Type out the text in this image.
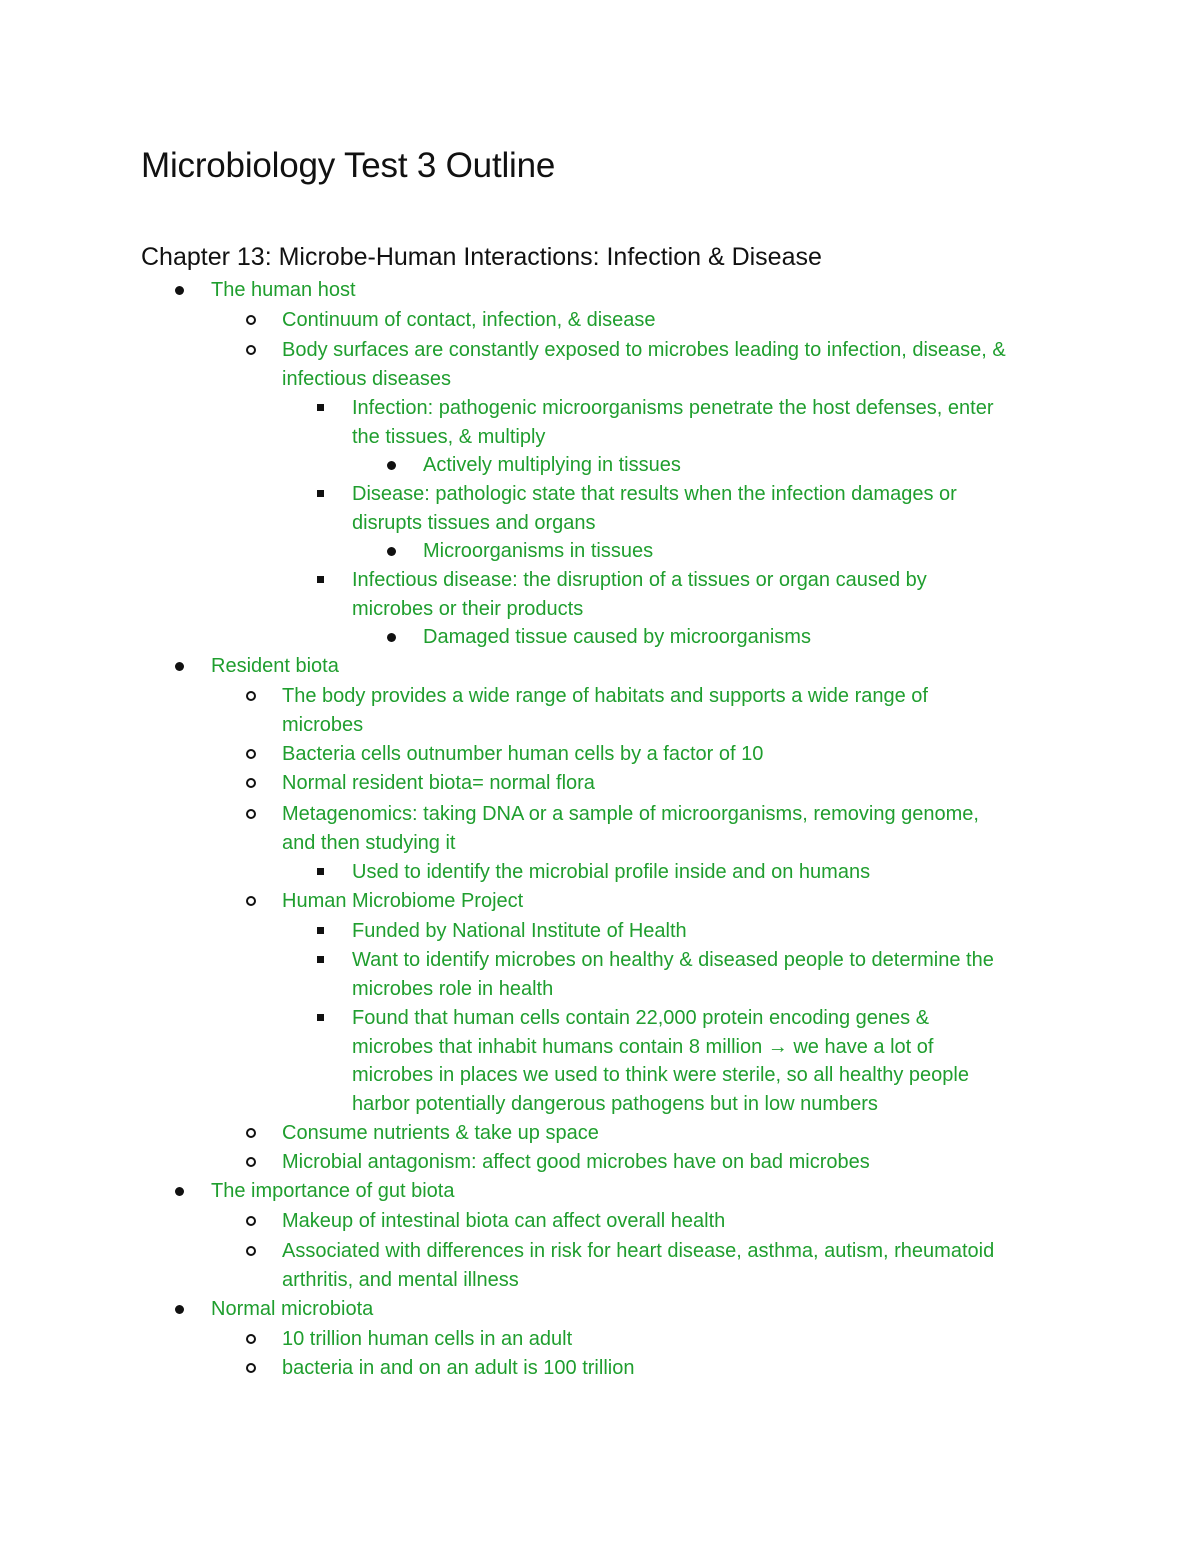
Microbiology Test 3 Outline
Chapter 13: Microbe-Human Interactions: Infection & Disease
The human host
Continuum of contact, infection, & disease
Body surfaces are constantly exposed to microbes leading to infection, disease, &
infectious diseases
Infection: pathogenic microorganisms penetrate the host defenses, enter
the tissues, & multiply
Actively multiplying in tissues
Disease: pathologic state that results when the infection damages or
disrupts tissues and organs
Microorganisms in tissues
Infectious disease: the disruption of a tissues or organ caused by
microbes or their products
Damaged tissue caused by microorganisms
Resident biota
The body provides a wide range of habitats and supports a wide range of
microbes
Bacteria cells outnumber human cells by a factor of 10
Normal resident biota= normal flora
Metagenomics: taking DNA or a sample of microorganisms, removing genome,
and then studying it
Used to identify the microbial profile inside and on humans
Human Microbiome Project
Funded by National Institute of Health
Want to identify microbes on healthy & diseased people to determine the
microbes role in health
Found that human cells contain 22,000 protein encoding genes &
microbes that inhabit humans contain 8 million → we have a lot of
microbes in places we used to think were sterile, so all healthy people
harbor potentially dangerous pathogens but in low numbers
Consume nutrients & take up space
Microbial antagonism: affect good microbes have on bad microbes
The importance of gut biota
Makeup of intestinal biota can affect overall health
Associated with differences in risk for heart disease, asthma, autism, rheumatoid
arthritis, and mental illness
Normal microbiota
10 trillion human cells in an adult
bacteria in and on an adult is 100 trillion
